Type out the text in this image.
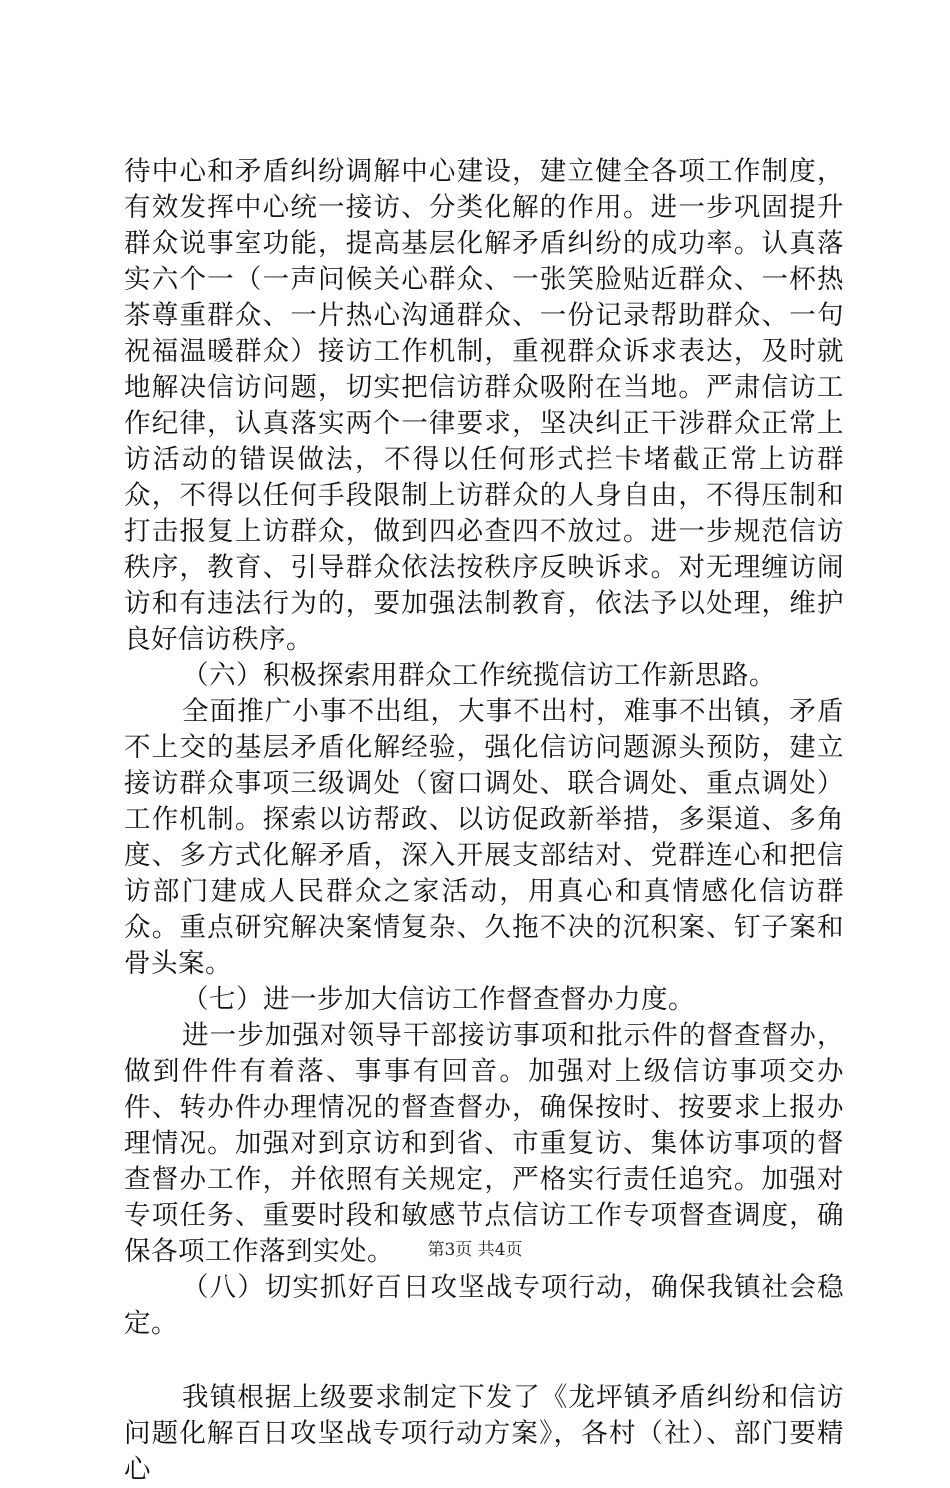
待中心和矛盾纠纷调解中心建设，建立健全各项工作制度，有效发挥中心统一接访、分类化解的作用。进一步巩固提升群众说事室功能，提高基层化解矛盾纠纷的成功率。认真落实六个一（一声问候关心群众、一张笑脸贴近群众、一杯热茶尊重群众、一片热心沟通群众、一份记录帮助群众、一句祝福温暖群众）接访工作机制，重视群众诉求表达，及时就地解决信访问题，切实把信访群众吸附在当地。严肃信访工作纪律，认真落实两个一律要求，坚决纠正干涉群众正常上访活动的错误做法，不得以任何形式拦卡堵截正常上访群众，不得以任何手段限制上访群众的人身自由，不得压制和打击报复上访群众，做到四必查四不放过。进一步规范信访秩序，教育、引导群众依法按秩序反映诉求。对无理缠访闹访和有违法行为的，要加强法制教育，依法予以处理，维护良好信访秩序。

（六）积极探索用群众工作统揽信访工作新思路。

全面推广小事不出组，大事不出村，难事不出镇，矛盾不上交的基层矛盾化解经验，强化信访问题源头预防，建立接访群众事项三级调处（窗口调处、联合调处、重点调处）工作机制。探索以访帮政、以访促政新举措，多渠道、多角度、多方式化解矛盾，深入开展支部结对、党群连心和把信访部门建成人民群众之家活动，用真心和真情感化信访群众。重点研究解决案情复杂、久拖不决的沉积案、钉子案和骨头案。

（七）进一步加大信访工作督查督办力度。

进一步加强对领导干部接访事项和批示件的督查督办，做到件件有着落、事事有回音。加强对上级信访事项交办件、转办件办理情况的督查督办，确保按时、按要求上报办理情况。加强对到京访和到省、市重复访、集体访事项的督查督办工作，并依照有关规定，严格实行责任追究。加强对专项任务、重要时段和敏感节点信访工作专项督查调度，确保各项工作落到实处。

（八）切实抓好百日攻坚战专项行动，确保我镇社会稳定。

我镇根据上级要求制定下发了《龙坪镇矛盾纠纷和信访问题化解百日攻坚战专项行动方案》，各村（社）、部门要精心

第3页 共4页
